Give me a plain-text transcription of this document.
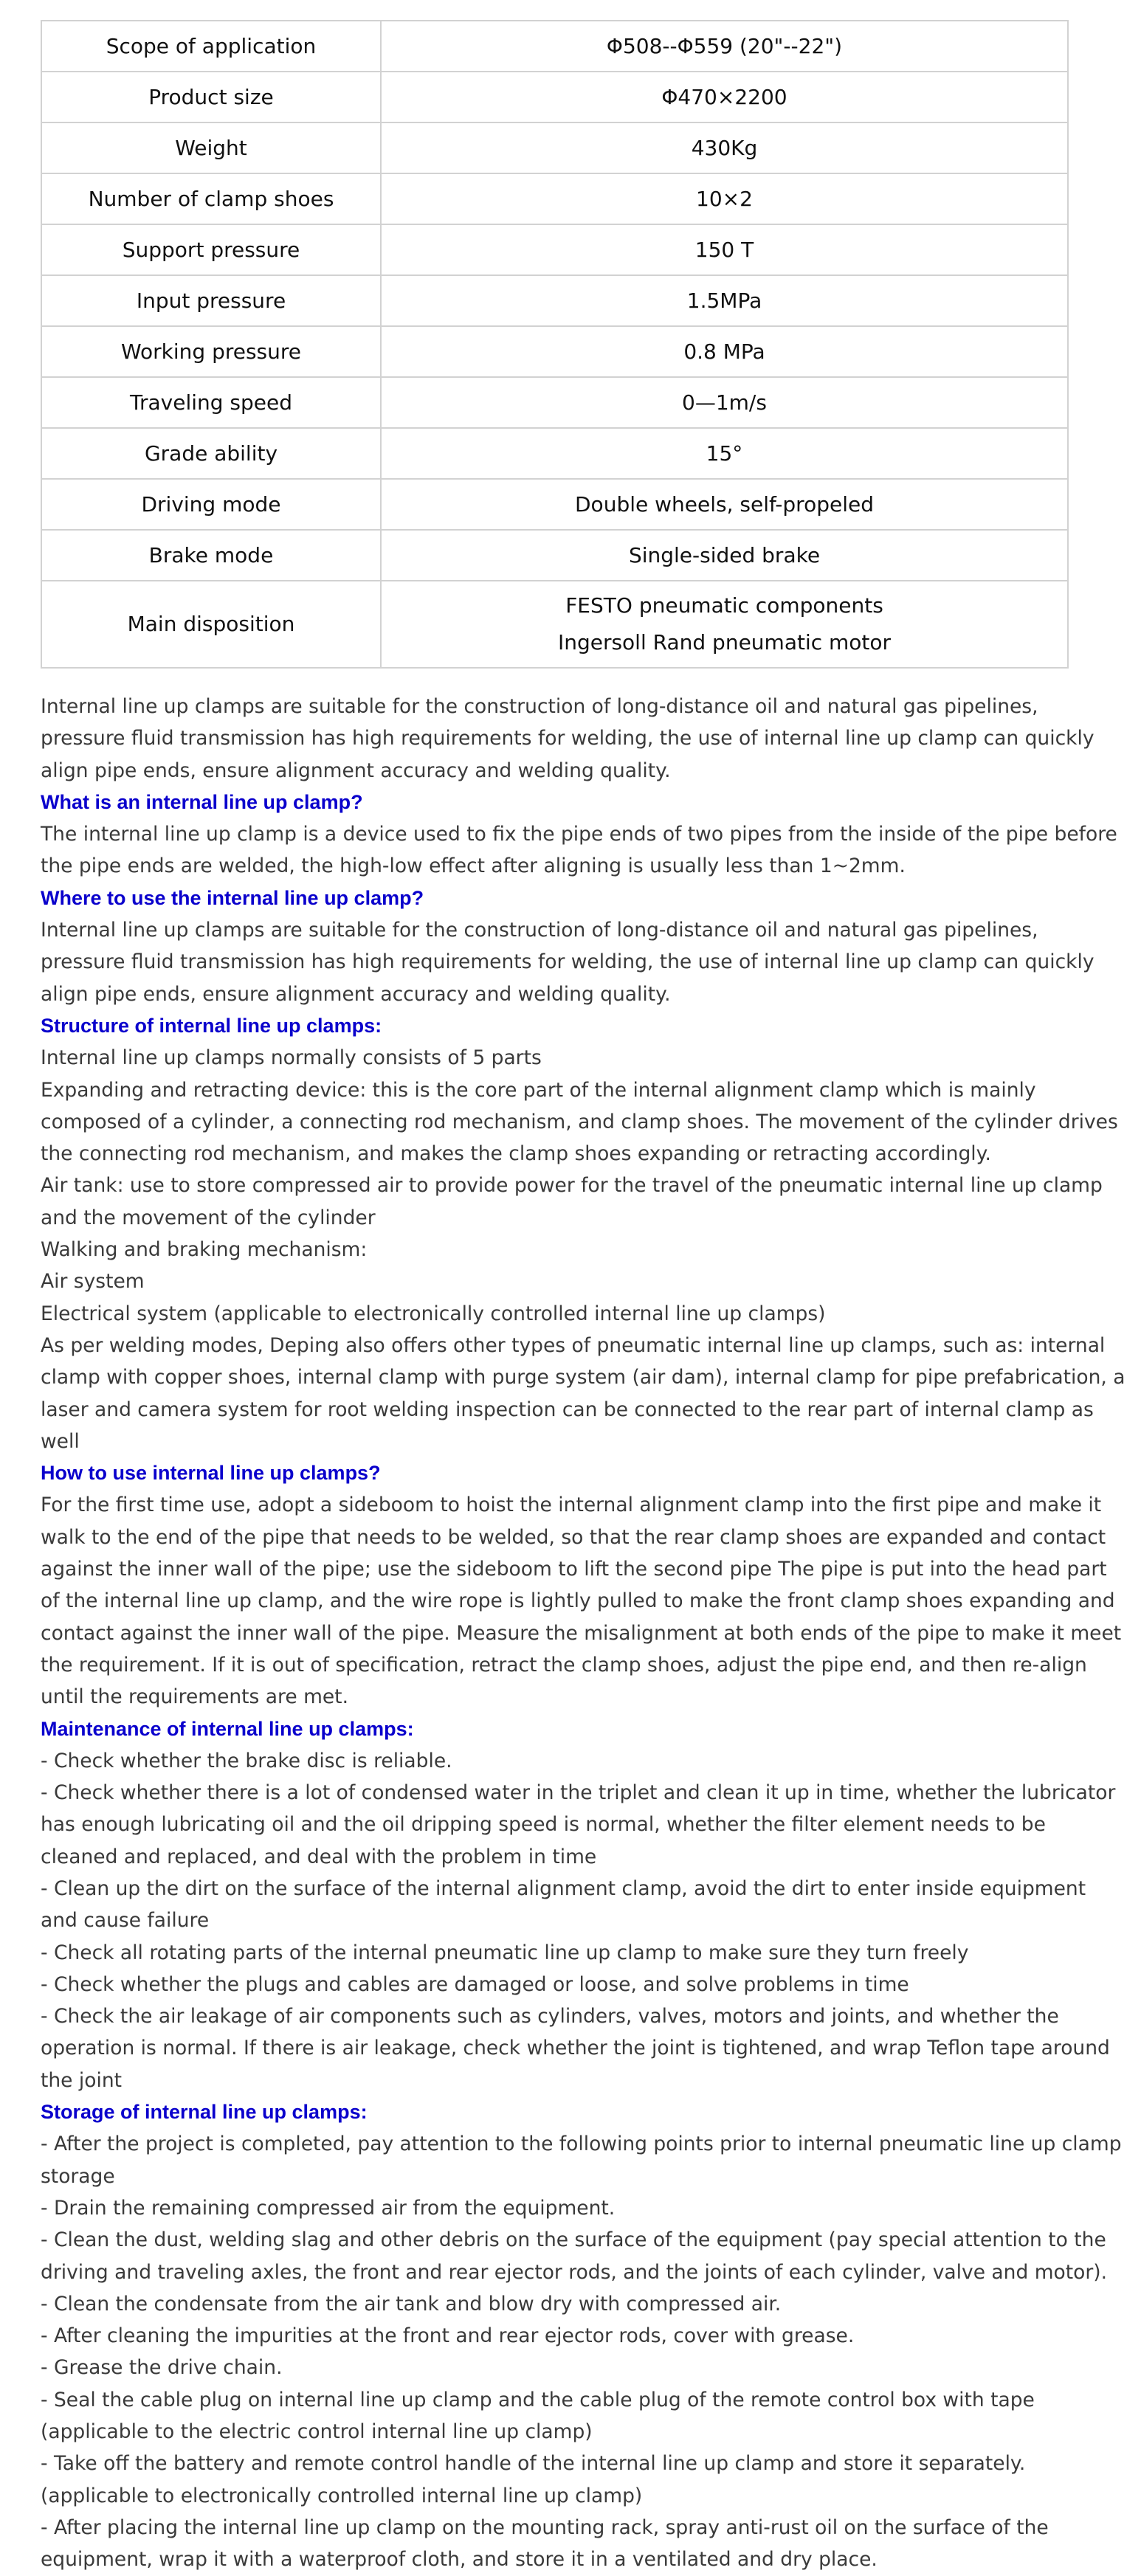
Scope of application	Φ508--Φ559 (20"--22")
Product size	Φ470×2200
Weight	430Kg
Number of clamp shoes	10×2
Support pressure	150 T
Input pressure	1.5MPa
Working pressure	0.8 MPa
Traveling speed	0—1m/s
Grade ability	15°
Driving mode	Double wheels, self-propeled
Brake mode	Single-sided brake
Main disposition	FESTO pneumatic components
Ingersoll Rand pneumatic motor

Internal line up clamps are suitable for the construction of long-distance oil and natural gas pipelines, pressure fluid transmission has high requirements for welding, the use of internal line up clamp can quickly align pipe ends, ensure alignment accuracy and welding quality.

What is an internal line up clamp?

The internal line up clamp is a device used to fix the pipe ends of two pipes from the inside of the pipe before the pipe ends are welded, the high-low effect after aligning is usually less than 1~2mm.

Where to use the internal line up clamp?

Internal line up clamps are suitable for the construction of long-distance oil and natural gas pipelines, pressure fluid transmission has high requirements for welding, the use of internal line up clamp can quickly align pipe ends, ensure alignment accuracy and welding quality.

Structure of internal line up clamps:

Internal line up clamps normally consists of 5 parts

Expanding and retracting device: this is the core part of the internal alignment clamp which is mainly composed of a cylinder, a connecting rod mechanism, and clamp shoes. The movement of the cylinder drives the connecting rod mechanism, and makes the clamp shoes expanding or retracting accordingly.

Air tank: use to store compressed air to provide power for the travel of the pneumatic internal line up clamp and the movement of the cylinder

Walking and braking mechanism:

Air system

Electrical system (applicable to electronically controlled internal line up clamps)

As per welding modes, Deping also offers other types of pneumatic internal line up clamps, such as: internal clamp with copper shoes, internal clamp with purge system (air dam), internal clamp for pipe prefabrication, a laser and camera system for root welding inspection can be connected to the rear part of internal clamp as well

How to use internal line up clamps?

For the first time use, adopt a sideboom to hoist the internal alignment clamp into the first pipe and make it walk to the end of the pipe that needs to be welded, so that the rear clamp shoes are expanded and contact against the inner wall of the pipe; use the sideboom to lift the second pipe The pipe is put into the head part of the internal line up clamp, and the wire rope is lightly pulled to make the front clamp shoes expanding and contact against the inner wall of the pipe. Measure the misalignment at both ends of the pipe to make it meet the requirement. If it is out of specification, retract the clamp shoes, adjust the pipe end, and then re-align until the requirements are met.

Maintenance of internal line up clamps:

- Check whether the brake disc is reliable.

- Check whether there is a lot of condensed water in the triplet and clean it up in time, whether the lubricator has enough lubricating oil and the oil dripping speed is normal, whether the filter element needs to be cleaned and replaced, and deal with the problem in time

- Clean up the dirt on the surface of the internal alignment clamp, avoid the dirt to enter inside equipment and cause failure

- Check all rotating parts of the internal pneumatic line up clamp to make sure they turn freely

- Check whether the plugs and cables are damaged or loose, and solve problems in time

- Check the air leakage of air components such as cylinders, valves, motors and joints, and whether the operation is normal. If there is air leakage, check whether the joint is tightened, and wrap Teflon tape around the joint

Storage of internal line up clamps:

- After the project is completed, pay attention to the following points prior to internal pneumatic line up clamp storage

- Drain the remaining compressed air from the equipment.

- Clean the dust, welding slag and other debris on the surface of the equipment (pay special attention to the driving and traveling axles, the front and rear ejector rods, and the joints of each cylinder, valve and motor).

- Clean the condensate from the air tank and blow dry with compressed air.

- After cleaning the impurities at the front and rear ejector rods, cover with grease.

- Grease the drive chain.

- Seal the cable plug on internal line up clamp and the cable plug of the remote control box with tape (applicable to the electric control internal line up clamp)

- Take off the battery and remote control handle of the internal line up clamp and store it separately. (applicable to electronically controlled internal line up clamp)

- After placing the internal line up clamp on the mounting rack, spray anti-rust oil on the surface of the equipment, wrap it with a waterproof cloth, and store it in a ventilated and dry place.
